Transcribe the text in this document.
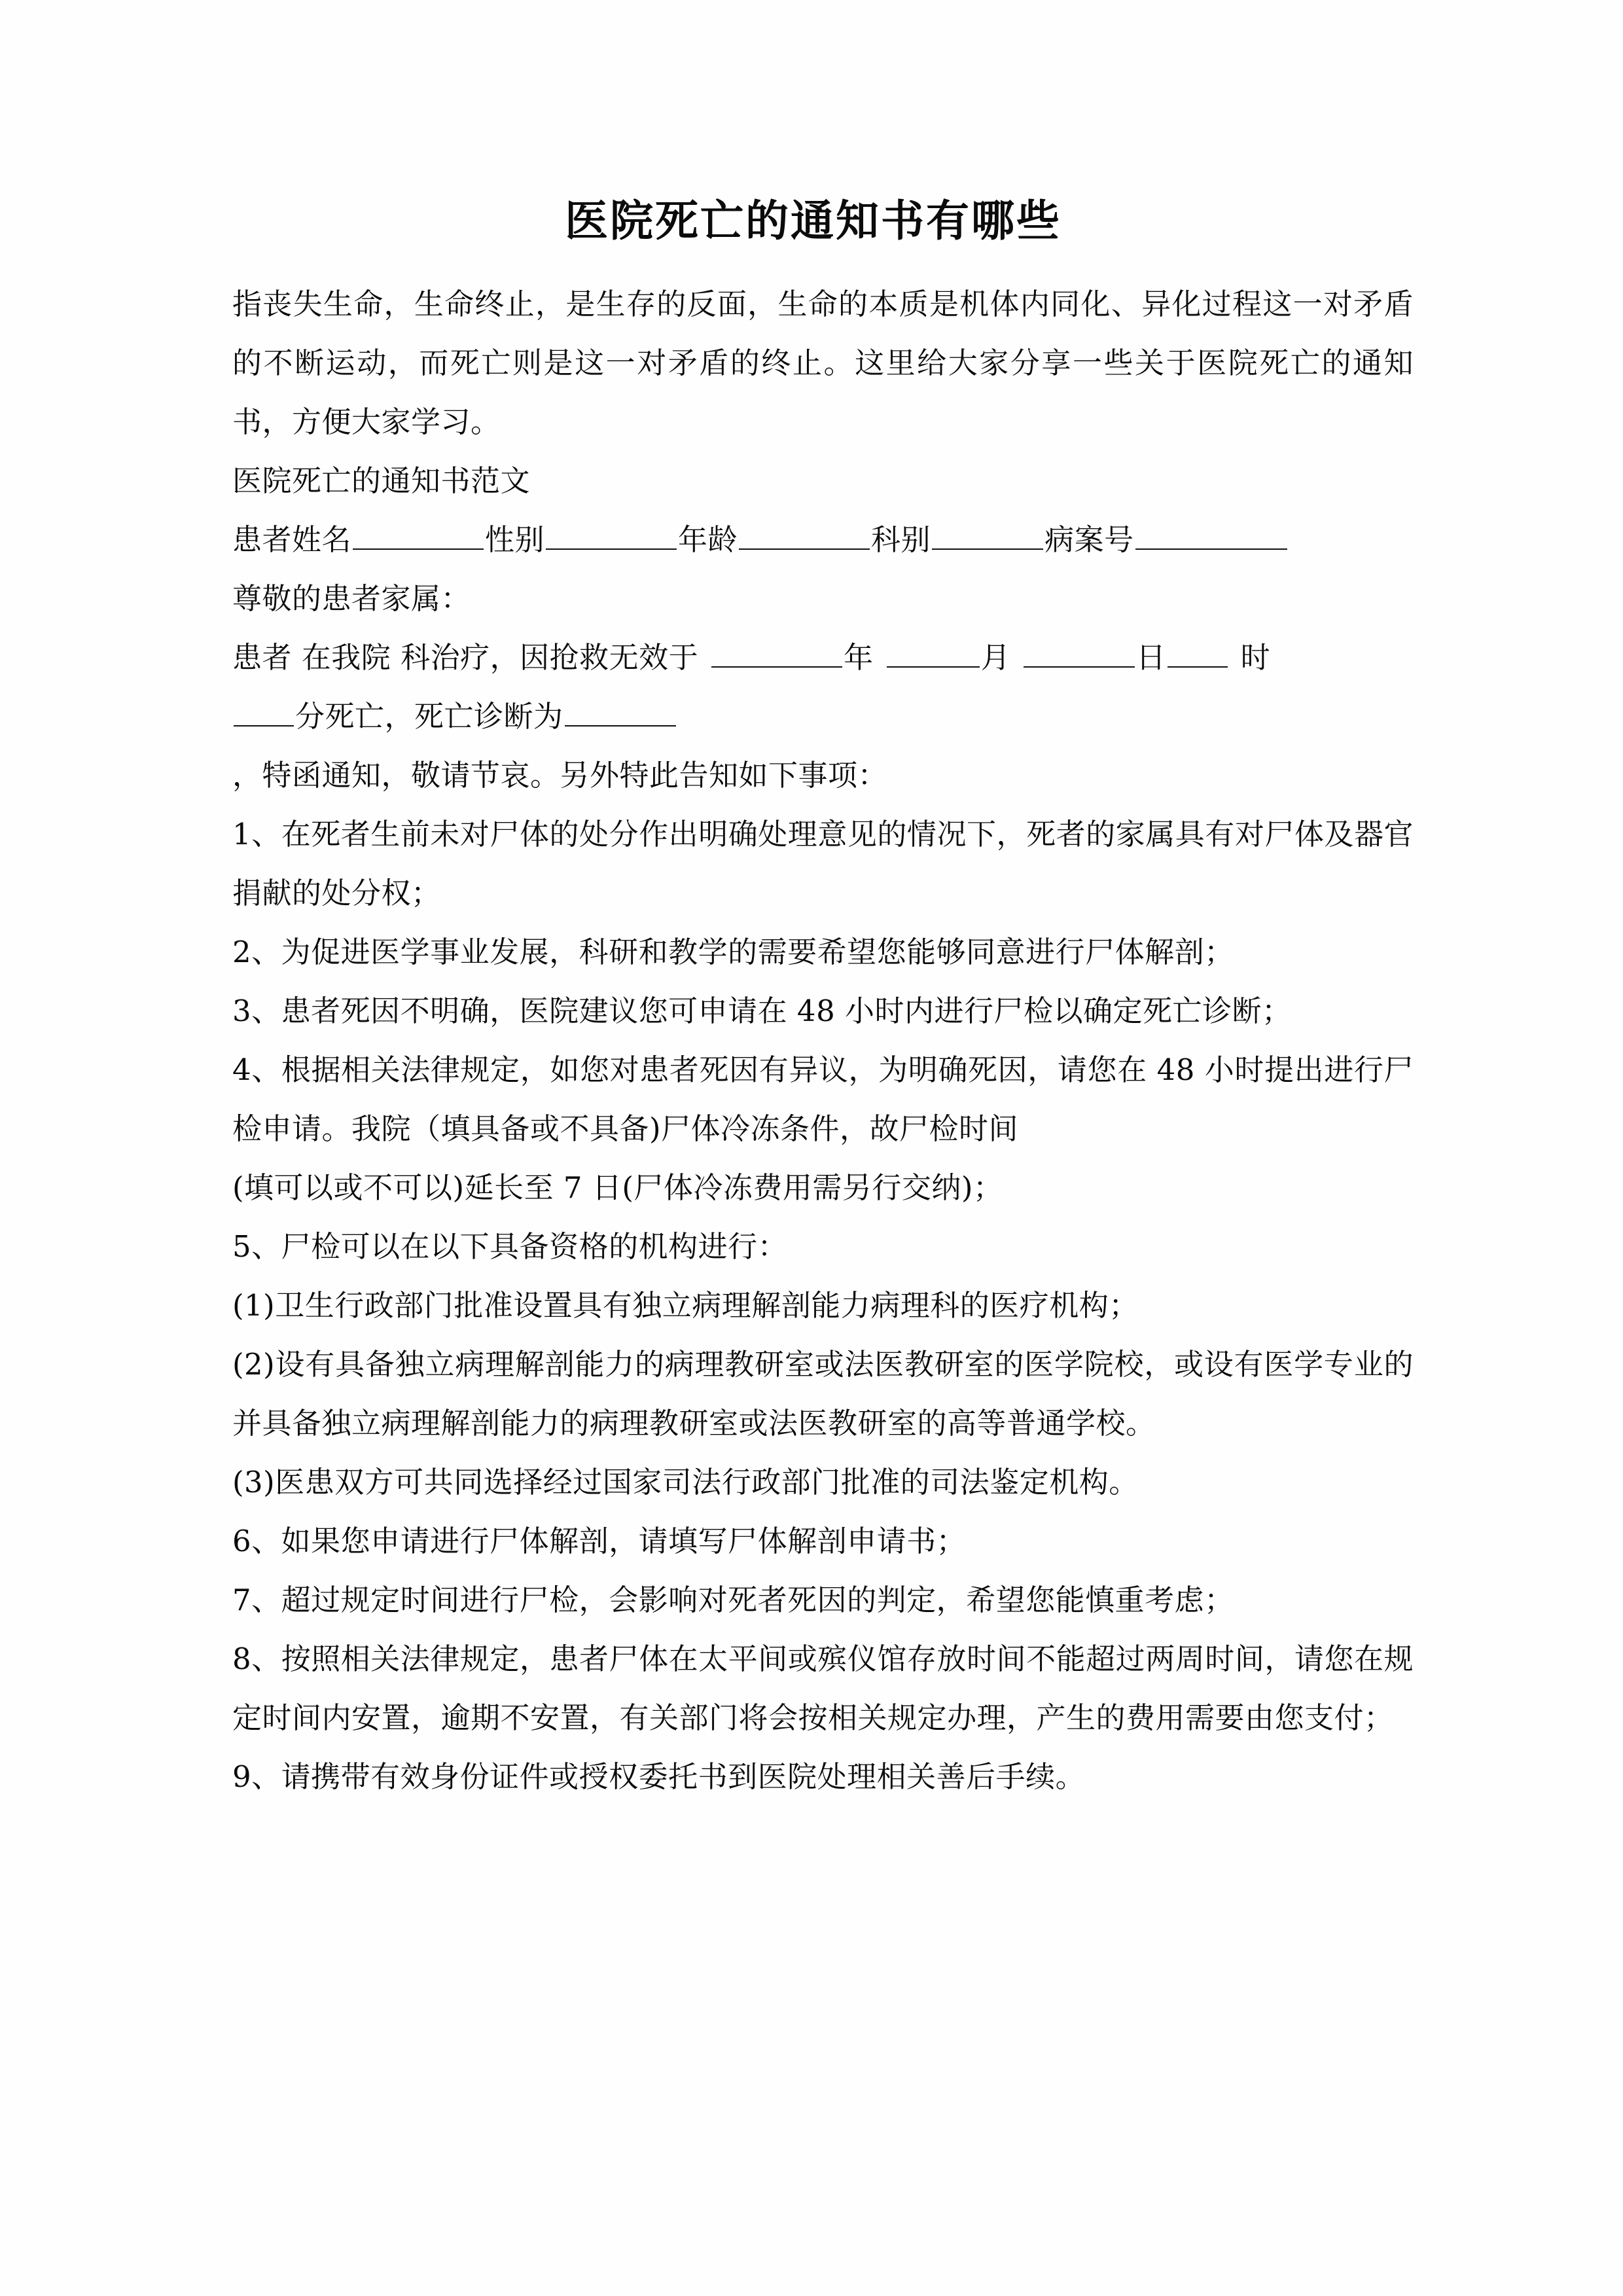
医院死亡的通知书有哪些

指丧失生命，生命终止，是生存的反面，生命的本质是机体内同化、异化过程这一对矛盾的不断运动，而死亡则是这一对矛盾的终止。这里给大家分享一些关于医院死亡的通知书，方便大家学习。

医院死亡的通知书范文

患者姓名	性别	年龄	科别	病案号

尊敬的患者家属：

患者 在我院 科治疗，因抢救无效于	年	月	日	时

分死亡，死亡诊断为

，特函通知，敬请节哀。另外特此告知如下事项：

1、在死者生前未对尸体的处分作出明确处理意见的情况下，死者的家属具有对尸体及器官捐献的处分权；

2、为促进医学事业发展，科研和教学的需要希望您能够同意进行尸体解剖；

3、患者死因不明确，医院建议您可申请在 48 小时内进行尸检以确定死亡诊断；

4、根据相关法律规定，如您对患者死因有异议，为明确死因，请您在 48 小时提出进行尸检申请。我院（填具备或不具备)尸体冷冻条件，故尸检时间

(填可以或不可以)延长至 7 日(尸体冷冻费用需另行交纳)；

5、尸检可以在以下具备资格的机构进行：

(1)卫生行政部门批准设置具有独立病理解剖能力病理科的医疗机构；

(2)设有具备独立病理解剖能力的病理教研室或法医教研室的医学院校，或设有医学专业的并具备独立病理解剖能力的病理教研室或法医教研室的高等普通学校。

(3)医患双方可共同选择经过国家司法行政部门批准的司法鉴定机构。

6、如果您申请进行尸体解剖，请填写尸体解剖申请书；

7、超过规定时间进行尸检，会影响对死者死因的判定，希望您能慎重考虑；

8、按照相关法律规定，患者尸体在太平间或殡仪馆存放时间不能超过两周时间，请您在规定时间内安置，逾期不安置，有关部门将会按相关规定办理，产生的费用需要由您支付；

9、请携带有效身份证件或授权委托书到医院处理相关善后手续。
